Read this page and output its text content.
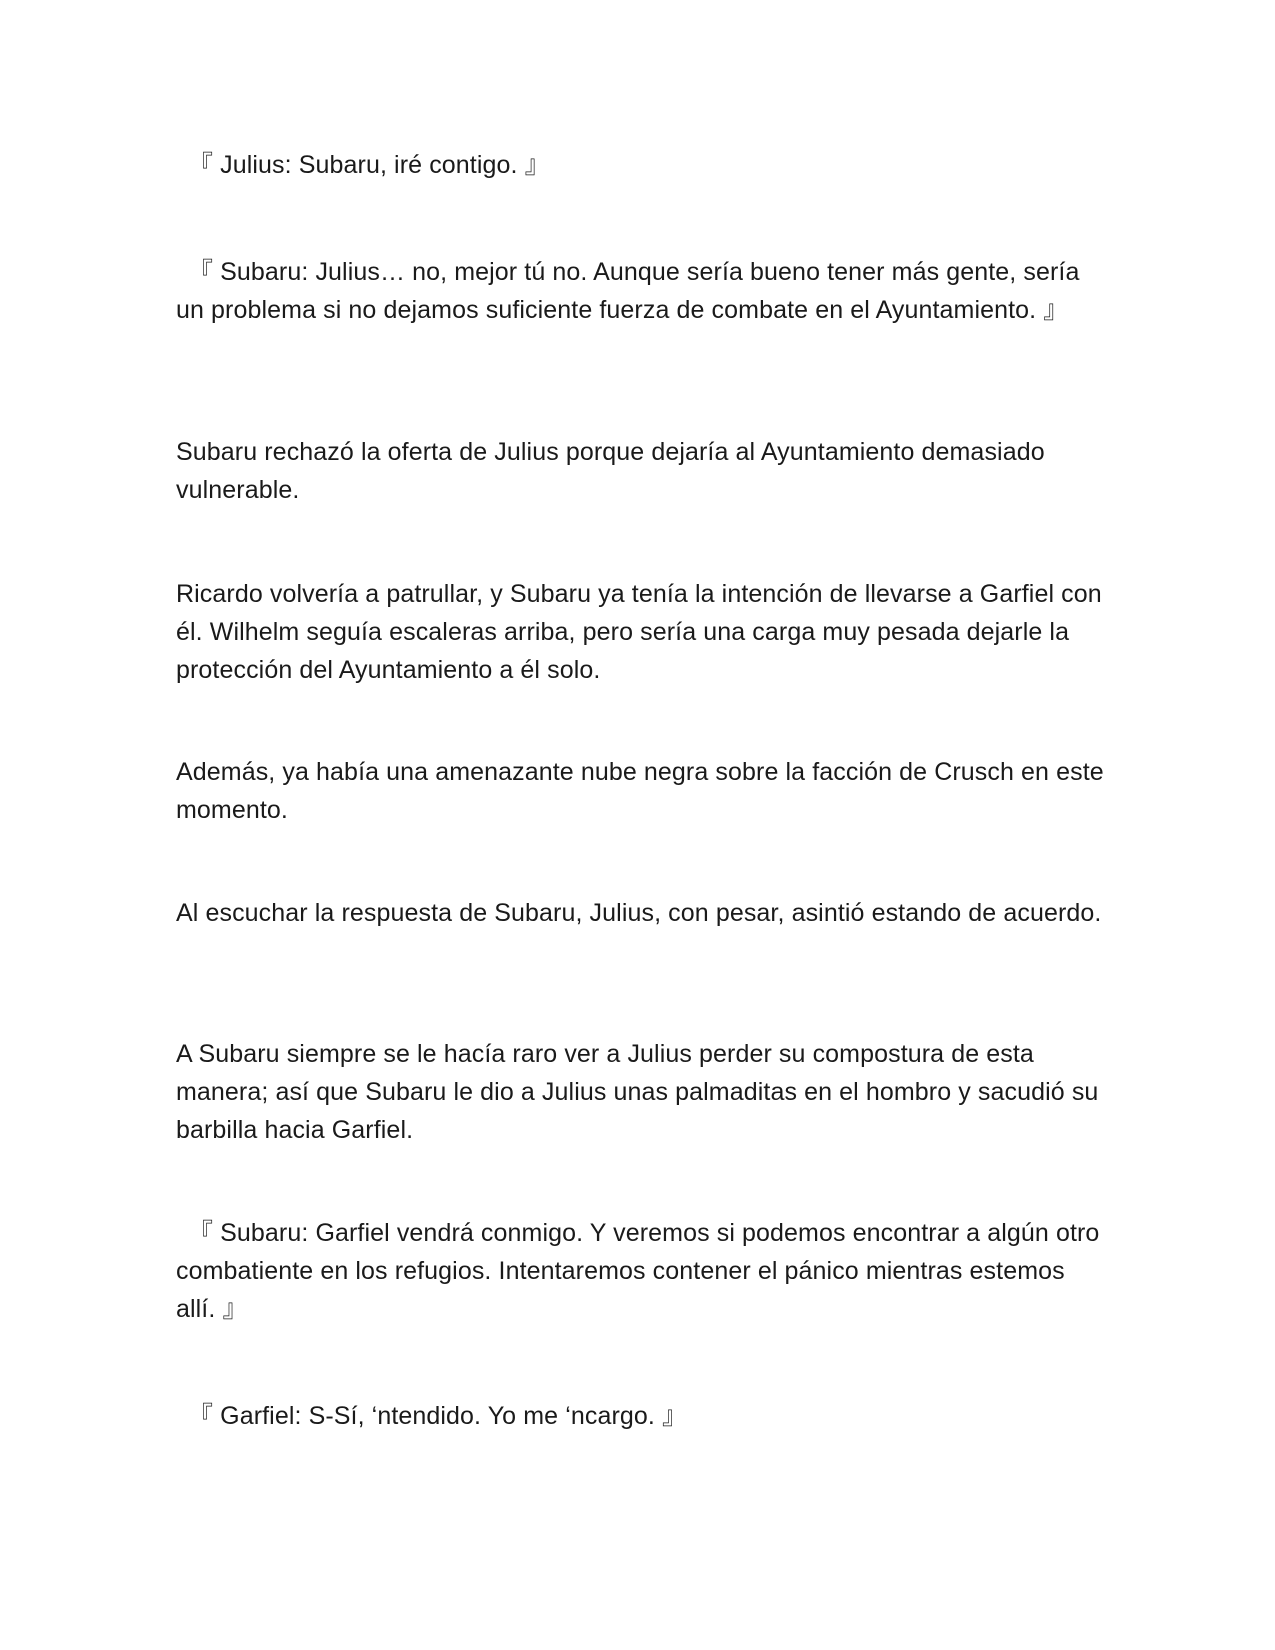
『 Julius: Subaru, iré contigo. 』

『 Subaru: Julius… no, mejor tú no. Aunque sería bueno tener más gente, sería un problema si no dejamos suficiente fuerza de combate en el Ayuntamiento. 』

Subaru rechazó la oferta de Julius porque dejaría al Ayuntamiento demasiado vulnerable.

Ricardo volvería a patrullar, y Subaru ya tenía la intención de llevarse a Garfiel con él. Wilhelm seguía escaleras arriba, pero sería una carga muy pesada dejarle la protección del Ayuntamiento a él solo.

Además, ya había una amenazante nube negra sobre la facción de Crusch en este momento.

Al escuchar la respuesta de Subaru, Julius, con pesar, asintió estando de acuerdo.

A Subaru siempre se le hacía raro ver a Julius perder su compostura de esta manera; así que Subaru le dio a Julius unas palmaditas en el hombro y sacudió su barbilla hacia Garfiel.

『 Subaru: Garfiel vendrá conmigo. Y veremos si podemos encontrar a algún otro combatiente en los refugios. Intentaremos contener el pánico mientras estemos allí. 』

『 Garfiel: S-Sí, ‘ntendido. Yo me ‘ncargo. 』
